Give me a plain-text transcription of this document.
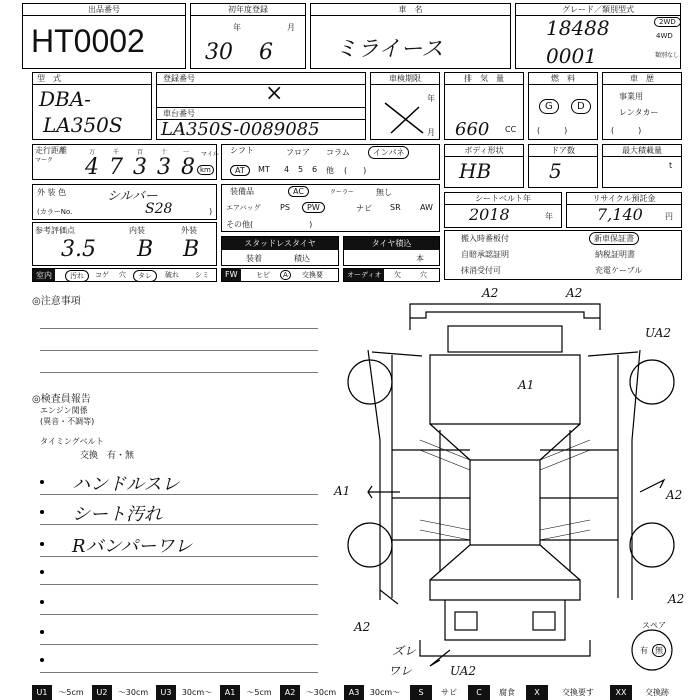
出品番号
HT0002
初年度登録
年	月
30 6
車　名
ミライース
グレード／類別型式
18488
0001
2WD
4WD
類別なし
型　式
DBA-
LA350S
登録番号
×
車台番号
LA350S-0089085
車検期限
年
月
排　気　量
660 CC
燃　料
G	D
(　　　)
車　歴
事業用
レンタカー
(　　　)
走行距離
マーク
万	千	百	十	一
4 7 3 3 8
マイル
km
シフト	フロア コラム	インパネ
AT	MT 4 5 6 他 (　　)
ボディ形状
HB
ドア数
5
最大積載量
t
外 装 色	シルバー
(カラーNo.	S28	)
装備品	AC	クーラー	無し
エアバッグ PS	PW	ナビ SR AW
その他(　　　　　　　)
シートベルト年
2018	年
リサイクル預託金
7,140	円
参考評価点	内装	外装
3.5 B B	スタッドレスタイヤ
装着	積込
タイヤ積込
本
搬入時番板付
自賠承認証明
抹消受付可
新車保証書
納税証明書
充電ケーブル
室内	汚れ	コゲ 穴	タレ	破れ シミ	FW	ヒビ	A	交換要	オーディオ	欠	穴
◎注意事項
◎検査員報告
エンジン関係
(異音・不調等)
タイミングベルト
交換　有・無
ハンドルスレ
シート汚れ
Rバンパーワレ
A2	A2
UA2
A1
A1	A2
A2
A2
ズレ
ワレ	UA2
スペア
有 無
U1	〜5cm	U2	〜30cm	U3	30cm〜	A1	〜5cm	A2	〜30cm	A3	30cm〜	S	サビ	C	腐食	X	交換要す	XX	交換跡
